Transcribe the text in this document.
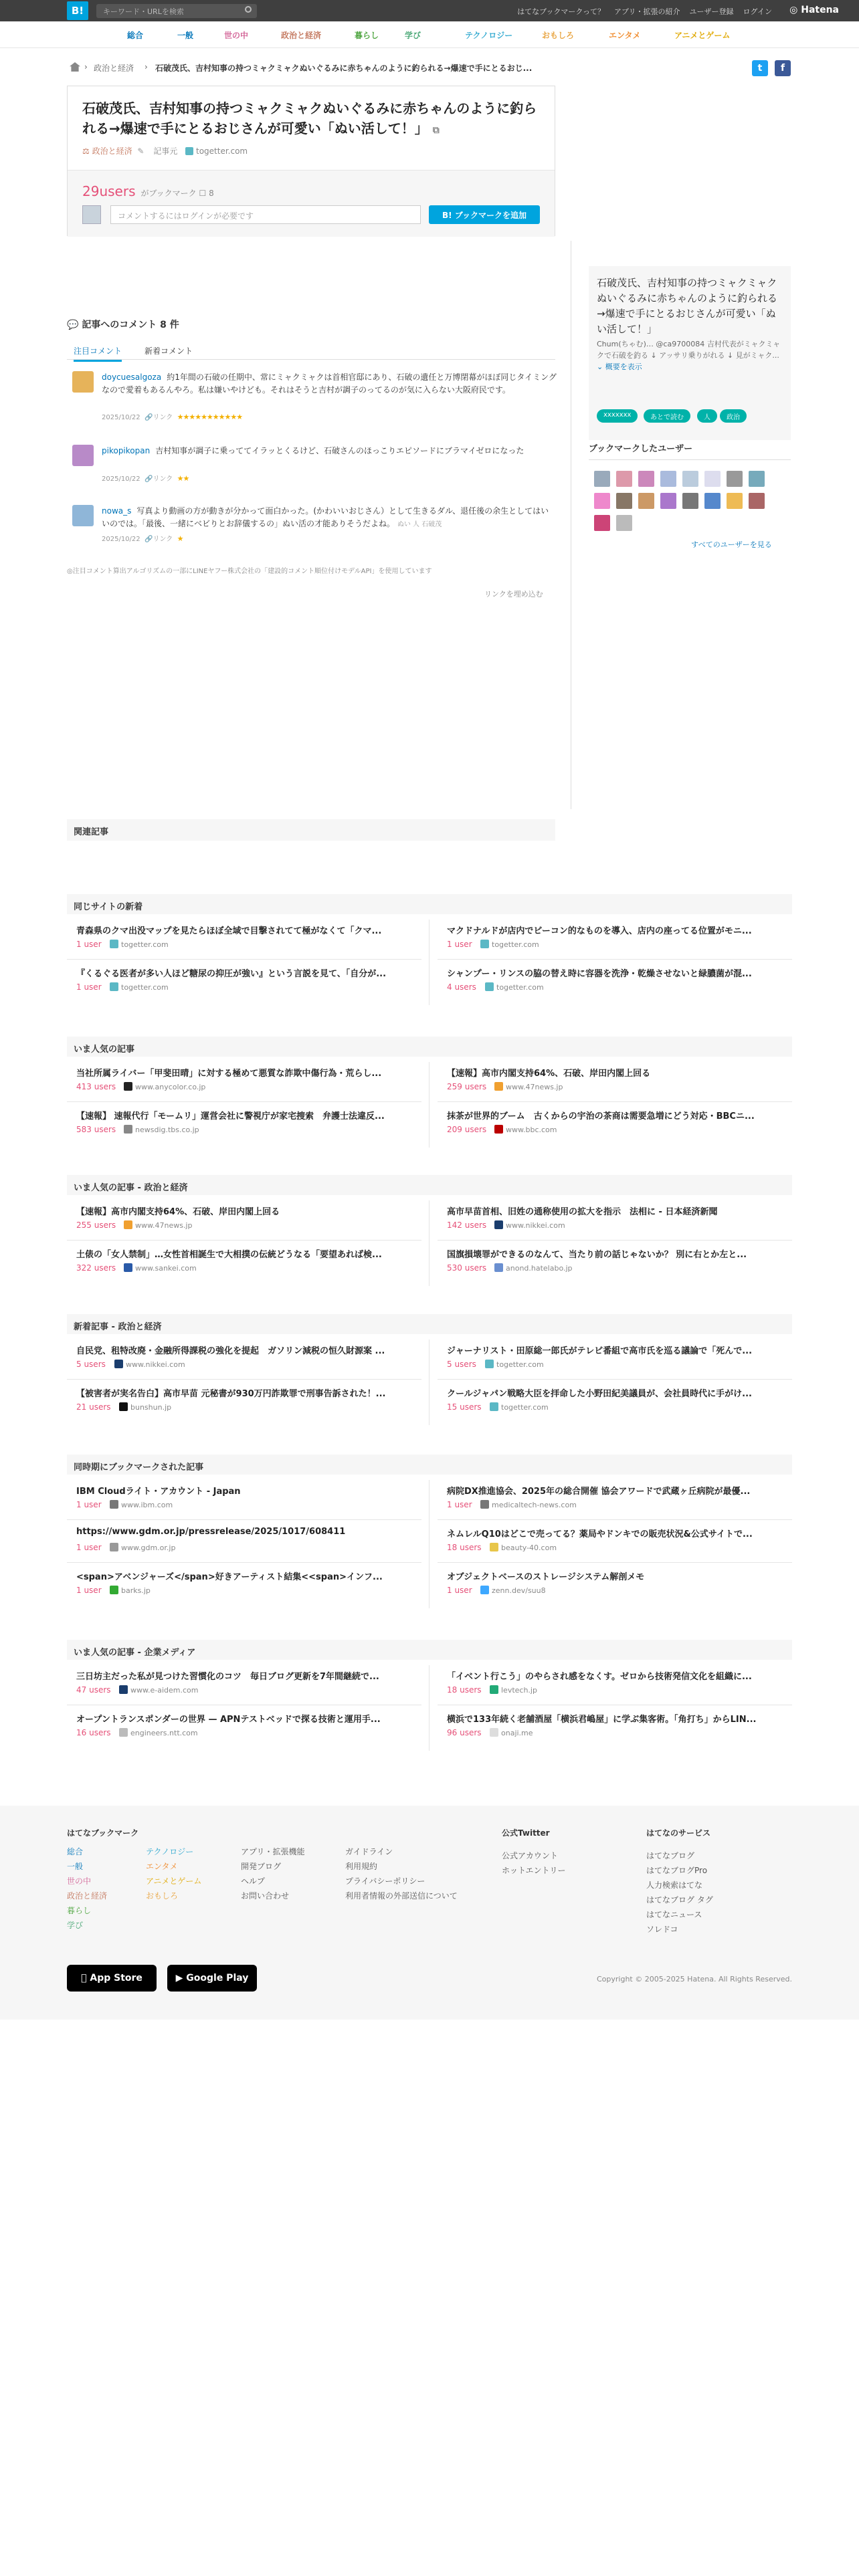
B!	キーワード・URLを検索	はてなブックマークって？ アプリ・拡張の紹介 ユーザー登録 ログイン ◎ Hatena
総合	一般	世の中	政治と経済	暮らし	学び	テクノロジー	おもしろ	エンタメ	アニメとゲーム
› 政治と経済 › 石破茂氏、吉村知事の持つミャクミャクぬいぐるみに赤ちゃんのように釣られる→爆速で手にとるおじ...	t	f
石破茂氏、吉村知事の持つミャクミャクぬいぐるみに赤ちゃんのように釣られる→爆速で手にとるおじさんが可愛い「ぬい活して！」 ⧉
⚖ 政治と経済 ✎ 記事元 togetter.com
29users がブックマーク ☐ 8
コメントするにはログインが必要です	B! ブックマークを追加
💬 記事へのコメント 8 件
注目コメント	新着コメント
doycuesalgoza 約1年間の石破の任期中、常にミャクミャクは首相官邸にあり、石破の遺任と万博閉幕がほぼ同じタイミングなので愛着もあるんやろ。私は嫌いやけども。それはそうと吉村が調子のってるのが気に入らない大阪府民です。
2025/10/22 🔗リンク ★★★★★★★★★★★
pikopikopan 吉村知事が調子に乗っててイラッとくるけど、石破さんのほっこりエピソードにブラマイゼロになった
2025/10/22 🔗リンク ★★
nowa_s 写真より動画の方が動きが分かって面白かった。(かわいいおじさん）として生きるダル、退任後の余生としてはいいのでは。「最後、一緒にベビりとお辞儀するの」ぬい活の才能ありそうだよね。 ぬい 人 石破茂
2025/10/22 🔗リンク ★
◎注目コメント算出アルゴリズムの一部にLINEヤフー株式会社の「建設的コメント順位付けモデルAPI」を使用しています
リンクを埋め込む
関連記事
石破茂氏、吉村知事の持つミャクミャクぬいぐるみに赤ちゃんのように釣られる→爆速で手にとるおじさんが可愛い「ぬい活して！」

Chum(ちゃむ)… @ca9700084 吉村代表がミャクミャクで石破を釣る ↓ アッサリ乗りがれる ↓ 見がミャク... ⌄ 概要を表示

xxxxxxx	あとで読む	人	政治
ブックマークしたユーザー
すべてのユーザーを見る
同じサイトの新着
青森県のクマ出没マップを見たらほぼ全域で目撃されてて極がなくて「クマ...
1 user	togetter.com
マクドナルドが店内でビーコン的なものを導入、店内の座ってる位置がモニ...
1 user	togetter.com
『くるぐる医者が多い人ほど糖尿の抑圧が強い』という言説を見て、「自分が...
1 user	togetter.com
シャンプー・リンスの脇の替え時に容器を洗浄・乾燥させないと緑膿菌が混...
4 users	togetter.com
いま人気の記事
当社所属ライバー「甲斐田晴」に対する極めて悪質な詐欺中傷行為・荒らし...
413 users	www.anycolor.co.jp
【速報】高市内閣支持64%、石破、岸田内閣上回る
259 users	www.47news.jp
【速報】 速報代行「モームリ」運営会社に警視庁が家宅捜索　弁護士法違反...
583 users	newsdig.tbs.co.jp
抹茶が世界的ブーム　古くからの宇治の茶商は需要急増にどう対応・BBCニ...
209 users	www.bbc.com
いま人気の記事 - 政治と経済
【速報】高市内閣支持64%、石破、岸田内閣上回る
255 users	www.47news.jp
高市早苗首相、旧姓の通称使用の拡大を指示　法相に - 日本経済新聞
142 users	www.nikkei.com
土俵の「女人禁制」…女性首相誕生で大相撲の伝統どうなる「要望あれば検...
322 users	www.sankei.com
国旗損壊罪ができるのなんて、当たり前の話じゃないか？ 別に右とか左と...
530 users	anond.hatelabo.jp
新着記事 - 政治と経済
自民党、租特改廃・金融所得課税の強化を提起　ガソリン減税の恒久財源案 ...
5 users	www.nikkei.com
ジャーナリスト・田原総一郎氏がテレビ番組で高市氏を巡る議論で「死んで...
5 users	togetter.com
【被害者が実名告白】高市早苗 元秘書が930万円詐欺罪で刑事告訴された！...
21 users	bunshun.jp
クールジャパン戦略大臣を拝命した小野田紀美議員が、会社員時代に手がけ...
15 users	togetter.com
同時期にブックマークされた記事
IBM Cloudライト・アカウント - Japan
1 user	www.ibm.com
病院DX推進協会、2025年の総合開催 協会アワードで武蔵ヶ丘病院が最優...
1 user	medicaltech-news.com
https://www.gdm.or.jp/pressrelease/2025/1017/608411
1 user	www.gdm.or.jp
ネムレルQ10はどこで売ってる？薬局やドンキでの販売状況&公式サイトで...
18 users	beauty-40.com
<span>アベンジャーズ</span>好きアーティスト結集<<span>インフ...
1 user	barks.jp
オブジェクトベースのストレージシステム解剖メモ
1 user	zenn.dev/suu8
いま人気の記事 - 企業メディア
三日坊主だった私が見つけた習慣化のコツ　毎日ブログ更新を7年間継続で...
47 users	www.e-aidem.com
「イベント行こう」のやらされ感をなくす。ゼロから技術発信文化を組織に...
18 users	levtech.jp
オープントランスポンダーの世界 — APNテストベッドで探る技術と運用手...
16 users	engineers.ntt.com
横浜で133年続く老舗酒屋「横浜君嶋屋」に学ぶ集客術。「角打ち」からLIN...
96 users	onaji.me
はてなブックマーク
総合
一般
世の中
政治と経済
暮らし
学び
テクノロジー
エンタメ
アニメとゲーム
おもしろ
アプリ・拡張機能
開発ブログ
ヘルプ
お問い合わせ
ガイドライン
利用規約
プライバシーポリシー
利用者情報の外部送信について
公式Twitter
公式アカウント
ホットエントリー
はてなのサービス
はてなブログ
はてなブログPro
人力検索はてな
はてなブログ タグ
はてなニュース
ソレドコ

App Store	▶
Google Play	Copyright © 2005-2025 Hatena. All Rights Reserved.
